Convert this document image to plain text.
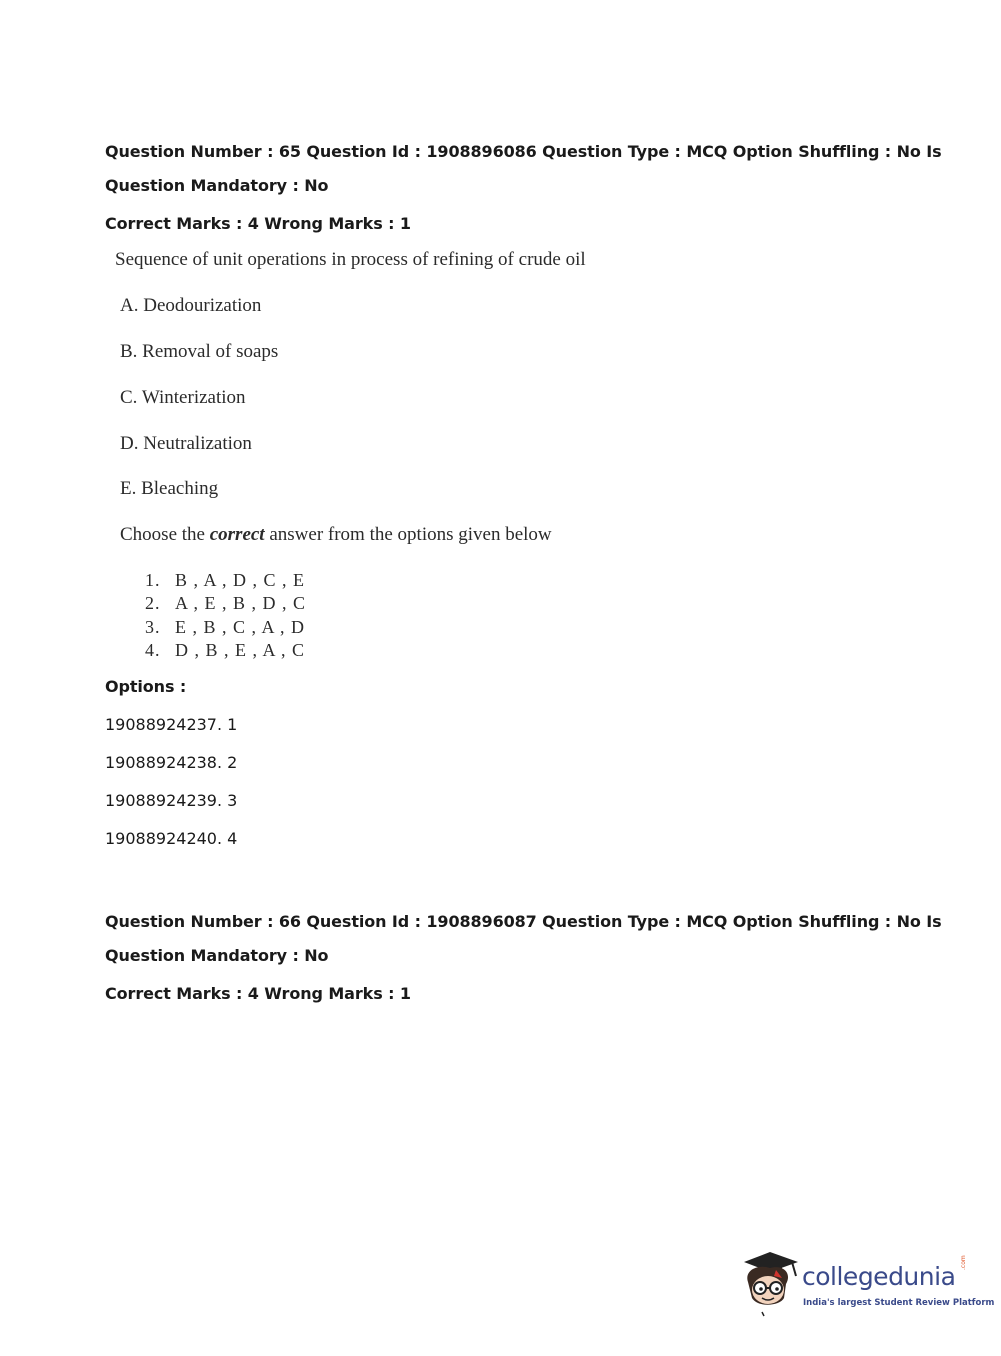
Question Number : 65 Question Id : 1908896086 Question Type : MCQ Option Shuffling : No Is
Question Mandatory : No
Correct Marks : 4 Wrong Marks : 1
Sequence of unit operations in process of refining of crude oil
A. Deodourization
B. Removal of soaps
C. Winterization
D. Neutralization
E. Bleaching
Choose the correct answer from the options given below
1. B , A , D , C , E
2. A , E , B , D , C
3. E , B , C , A , D
4. D , B , E , A , C
Options :
19088924237. 1
19088924238. 2
19088924239. 3
19088924240. 4
Question Number : 66 Question Id : 1908896087 Question Type : MCQ Option Shuffling : No Is
Question Mandatory : No
Correct Marks : 4 Wrong Marks : 1
collegedunia .com
India's largest Student Review Platform
